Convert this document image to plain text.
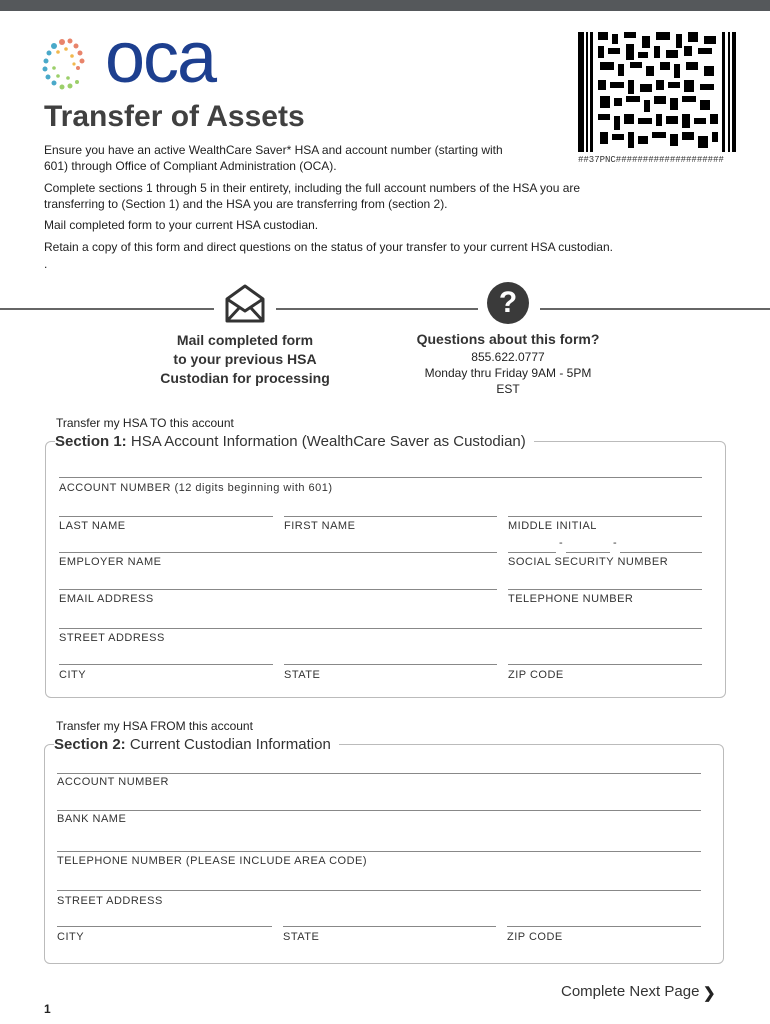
oca
##37PNC####################
Transfer of Assets

Ensure you have an active WealthCare Saver* HSA and account number (starting with 601) through Office of Compliant Administration (OCA).

Complete sections 1 through 5 in their entirety, including the full account numbers of the HSA you are transferring to (Section 1) and the HSA you are transferring from (section 2).

Mail completed form to your current HSA custodian.

Retain a copy of this form and direct questions on the status of your transfer to your current HSA custodian.

.

?
Mail completed form
to your previous HSA
Custodian for processing
Questions about this form?
855.622.0777
Monday thru Friday 9AM - 5PM
EST
Transfer my HSA TO this account
Section 1: HSA Account Information (WealthCare Saver as Custodian)
ACCOUNT NUMBER (12 digits beginning with 601)
LAST NAME	FIRST NAME	MIDDLE INITIAL
-	-
EMPLOYER NAME	SOCIAL SECURITY NUMBER
EMAIL ADDRESS	TELEPHONE NUMBER
STREET ADDRESS
CITY	STATE	ZIP CODE
Transfer my HSA FROM this account
Section 2: Current Custodian Information
ACCOUNT NUMBER
BANK NAME
TELEPHONE NUMBER (PLEASE INCLUDE AREA CODE)
STREET ADDRESS
CITY	STATE	ZIP CODE
Complete Next Page ❯
1
